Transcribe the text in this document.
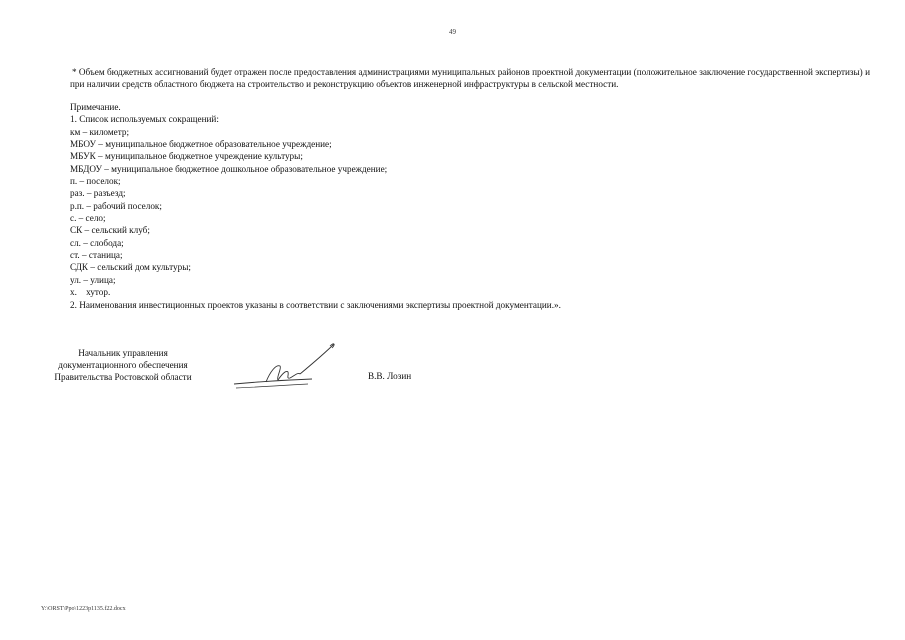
49

* Объем бюджетных ассигнований будет отражен после предоставления администрациями муниципальных районов проектной документации (положительное заключение государственной экспертизы) и при наличии средств областного бюджета на строительство и реконструкцию объектов инженерной инфраструктуры в сельской местности.

Примечание.
1. Список используемых сокращений:
км – километр;
МБОУ – муниципальное бюджетное образовательное учреждение;
МБУК – муниципальное бюджетное учреждение культуры;
МБДОУ – муниципальное бюджетное дошкольное образовательное учреждение;
п. – поселок;
раз. – разъезд;
р.п. – рабочий поселок;
с. – село;
СК – сельский клуб;
сл. – слобода;
ст. – станица;
СДК – сельский дом культуры;
ул. – улица;
х.    хутор.
2. Наименования инвестиционных проектов указаны в соответствии с заключениями экспертизы проектной документации.».
Начальник управления
документационного обеспечения
Правительства Ростовской области	В.В. Лозин
Y:\ORST\Ppo\1223p1135.f22.docx
